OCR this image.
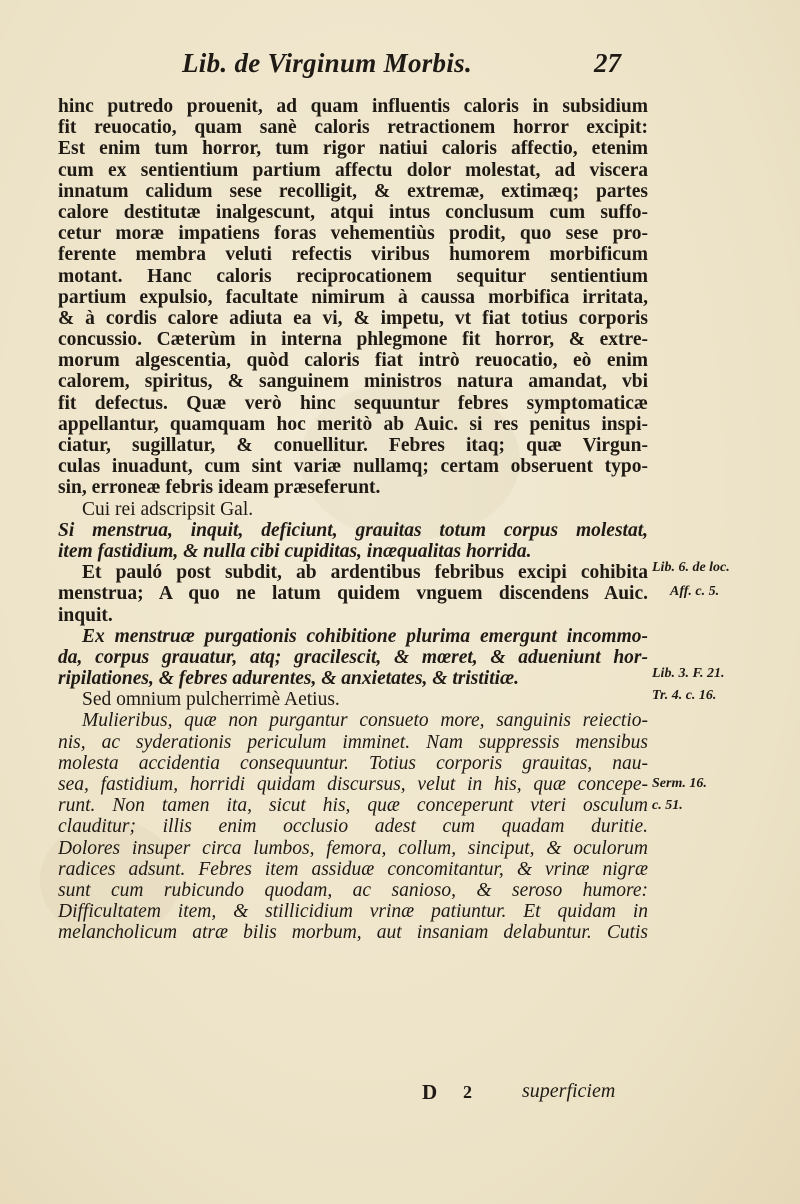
Lib. de Virginum Morbis.	27
hinc putredo prouenit, ad quam influentis caloris in subsidium
fit reuocatio, quam sanè caloris retractionem horror excipit:
Est enim tum horror, tum rigor natiui caloris affectio, etenim
cum ex sentientium partium affectu dolor molestat, ad viscera
innatum calidum sese recolligit, & extremæ, extimæq; partes
calore destitutæ inalgescunt, atqui intus conclusum cum suffo-
cetur moræ impatiens foras vehementiùs prodit, quo sese pro-
ferente membra veluti refectis viribus humorem morbificum
motant. Hanc caloris reciprocationem sequitur sentientium
partium expulsio, facultate nimirum à caussa morbifica irritata,
& à cordis calore adiuta ea vi, & impetu, vt fiat totius corporis
concussio. Cæterùm in interna phlegmone fit horror, & extre-
morum algescentia, quòd caloris fiat intrò reuocatio, eò enim
calorem, spiritus, & sanguinem ministros natura amandat, vbi
fit defectus. Quæ verò hinc sequuntur febres symptomaticæ
appellantur, quamquam hoc meritò ab Auic. si res penitus inspi-
ciatur, sugillatur, & conuellitur. Febres itaq; quæ Virgun-
culas inuadunt, cum sint variæ nullamq; certam obseruent typo-
sin, erroneæ febris ideam præseferunt.
Cui rei adscripsit Gal.
Si menstrua, inquit, deficiunt, grauitas totum corpus molestat,
item fastidium, & nulla cibi cupiditas, inæqualitas horrida.
Et pauló post subdit, ab ardentibus febribus excipi cohibita
menstrua; A quo ne latum quidem vnguem discendens Auic.
inquit.
Ex menstruæ purgationis cohibitione plurima emergunt incommo-
da, corpus grauatur, atq; gracilescit, & mœret, & adueniunt hor-
ripilationes, & febres adurentes, & anxietates, & tristitiæ.
Sed omnium pulcherrimè Aetius.
Mulieribus, quæ non purgantur consueto more, sanguinis reiectio-
nis, ac syderationis periculum imminet. Nam suppressis mensibus
molesta accidentia consequuntur. Totius corporis grauitas, nau-
sea, fastidium, horridi quidam discursus, velut in his, quæ concepe-
runt. Non tamen ita, sicut his, quæ conceperunt vteri osculum
clauditur; illis enim occlusio adest cum quadam duritie.
Dolores insuper circa lumbos, femora, collum, sinciput, & oculorum
radices adsunt. Febres item assiduæ concomitantur, & vrinæ nigræ
sunt cum rubicundo quodam, ac sanioso, & seroso humore:
Difficultatem item, & stillicidium vrinæ patiuntur. Et quidam in
melancholicum atræ bilis morbum, aut insaniam delabuntur. Cutis
Lib. 6. de loc.
Aff. c. 5.
Lib. 3. F. 21.
Tr. 4. c. 16.
Serm. 16.
c. 51.
D 2	superficiem
